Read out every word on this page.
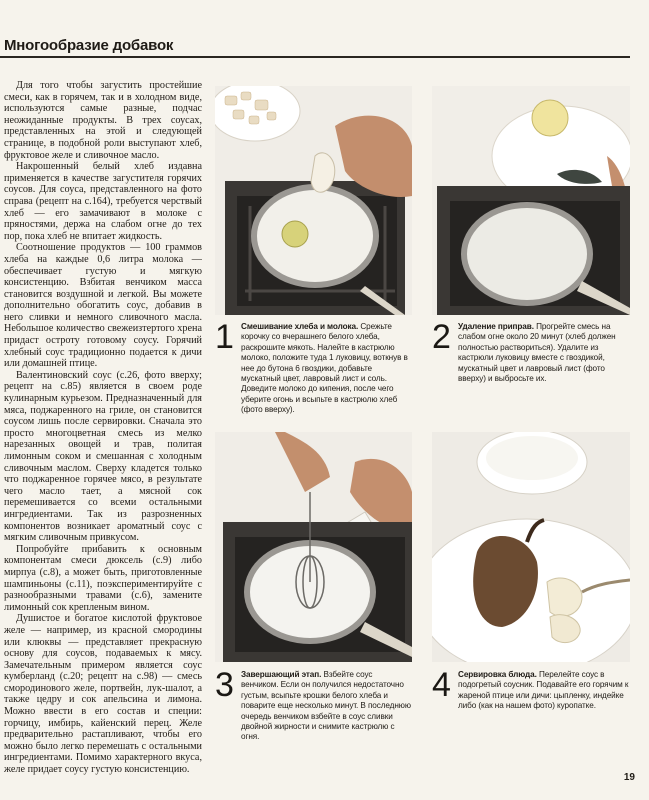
Многообразие добавок

Для того чтобы загустить простейшие смеси, как в горячем, так и в холодном виде, используются самые разные, подчас неожиданные продукты. В трех соусах, представленных на этой и следующей странице, в подобной роли выступают хлеб, фруктовое желе и сливочное масло.

Накрошенный белый хлеб издавна применяется в качестве загустителя горячих соусов. Для соуса, представленного на фото справа (рецепт на с.164), требуется черствый хлеб — его замачивают в молоке с пряностями, держа на слабом огне до тех пор, пока хлеб не впитает жидкость.

Соотношение продуктов — 100 граммов хлеба на каждые 0,6 литра молока — обеспечивает густую и мягкую консистенцию. Взбитая венчиком масса становится воздушной и легкой. Вы можете дополнительно обогатить соус, добавив в него сливки и немного сливочного масла. Небольшое количество свежеизтертого хрена придаст остроту готовому соусу. Горячий хлебный соус традиционно подается к дичи или домашней птице.

Валентиновский соус (с.26, фото вверху; рецепт на с.85) является в своем роде кулинарным курьезом. Предназначенный для мяса, поджаренного на гриле, он становится соусом лишь после сервировки. Сначала это просто многоцветная смесь из мелко нарезанных овощей и трав, политая лимонным соком и смешанная с холодным сливочным маслом. Сверху кладется только что поджаренное горячее мясо, в результате чего масло тает, а мясной сок перемешивается со всеми остальными ингредиентами. Так из разрозненных компонентов возникает ароматный соус с мягким сливочным привкусом.

Попробуйте прибавить к основным компонентам смеси дюксель (с.9) либо мирпуа (с.8), а может быть, приготовленные шампиньоны (с.11), поэкспериментируйте с разнообразными травами (с.6), замените лимонный сок крепленым вином.

Душистое и богатое кислотой фруктовое желе — например, из красной смородины или клюквы — представляет прекрасную основу для соусов, подаваемых к мясу. Замечательным примером является соус кумберланд (с.20; рецепт на с.98) — смесь смородинового желе, портвейн, лук-шалот, а также цедру и сок апельсина и лимона. Можно ввести в его состав и специи: горчицу, имбирь, кайенский перец. Желе предварительно растапливают, чтобы его можно было легко перемешать с остальными ингредиентами. Помимо характерного вкуса, желе придает соусу густую консистенцию.

1 Смешивание хлеба и молока. Срежьте корочку со вчерашнего белого хлеба, раскрошите мякоть. Налейте в кастрюлю молоко, положите туда 1 луковицу, воткнув в нее до бутона 6 гвоздики, добавьте мускатный цвет, лавровый лист и соль. Доведите молоко до кипения, после чего уберите огонь и всыпьте в кастрюлю хлеб (фото вверху).
2 Удаление приправ. Прогрейте смесь на слабом огне около 20 минут (хлеб должен полностью раствориться). Удалите из кастрюли луковицу вместе с гвоздикой, мускатный цвет и лавровый лист (фото вверху) и выбросьте их.
3 Завершающий этап. Взбейте соус венчиком. Если он получился недостаточно густым, всыпьте крошки белого хлеба и поварите еще несколько минут. В последнюю очередь венчиком взбейте в соус сливки двойной жирности и снимите кастрюлю с огня.
4 Сервировка блюда. Перелейте соус в подогретый соусник. Подавайте его горячим к жареной птице или дичи: цыпленку, индейке либо (как на нашем фото) куропатке.
19
